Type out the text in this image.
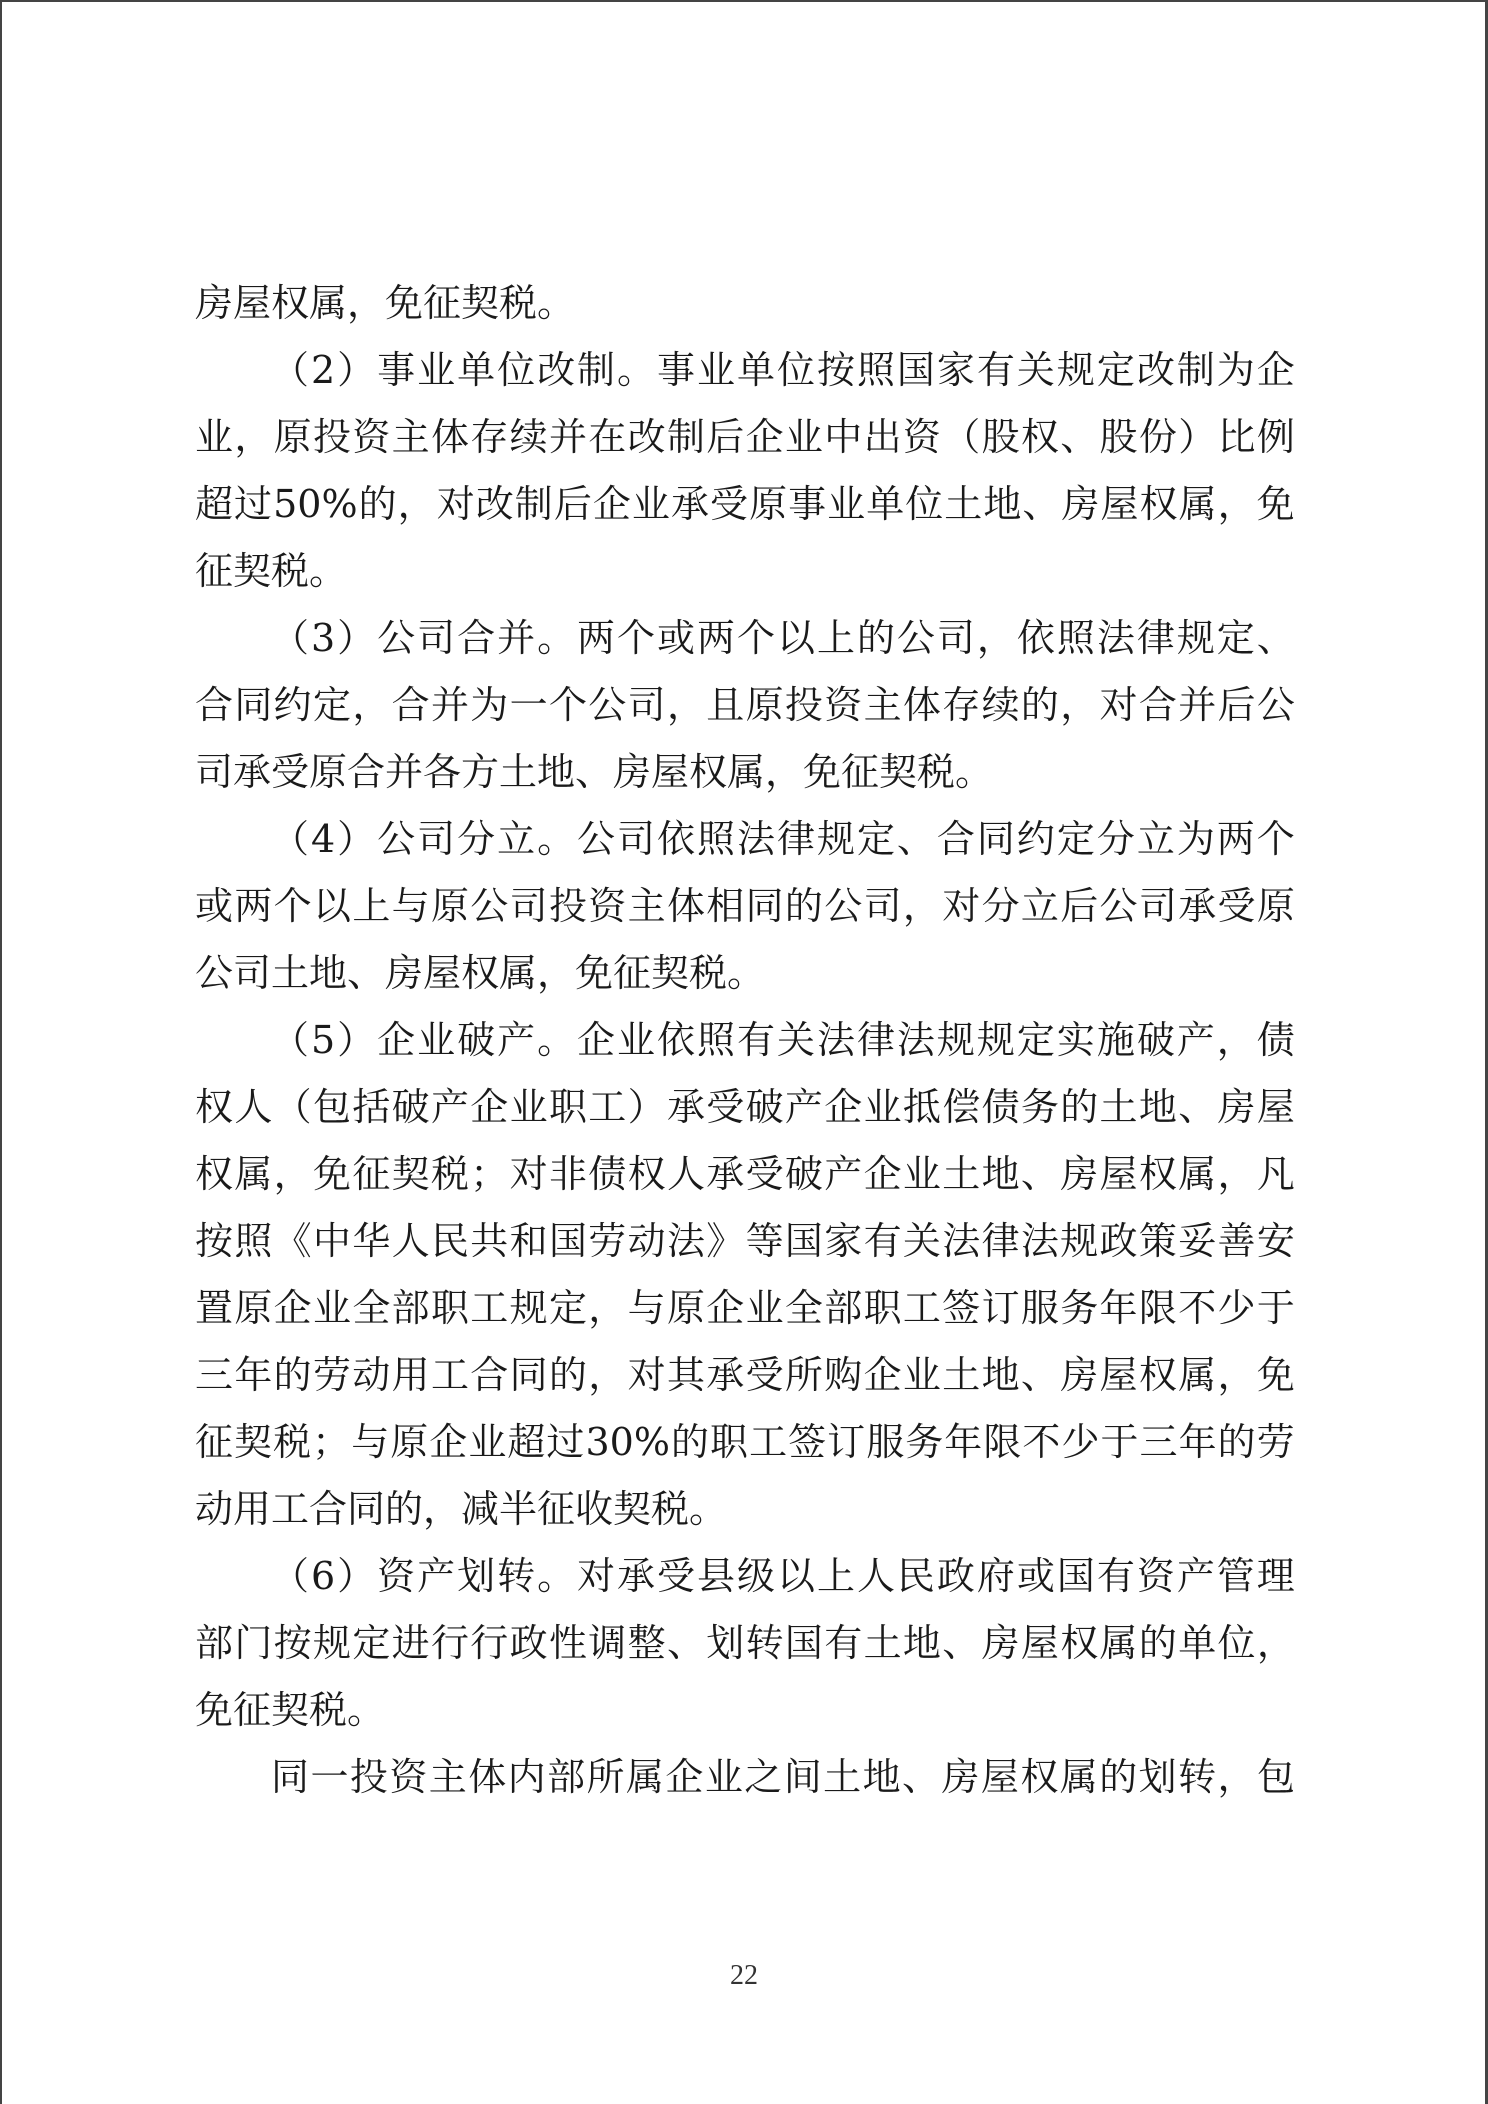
房屋权属，免征契税。
（ 2 ） 事 业 单 位 改 制 。 事 业 单 位 按 照 国 家 有 关 规 定 改 制 为 企
业 ， 原 投 资 主 体 存 续 并 在 改 制 后 企 业 中 出 资 （ 股 权 、 股 份 ） 比 例
超 过 50% 的 ， 对 改 制 后 企 业 承 受 原 事 业 单 位 土 地 、 房 屋 权 属 ， 免
征契税。
（ 3 ） 公 司 合 并 。 两 个 或 两 个 以 上 的 公 司 ， 依 照 法 律 规 定 、
合 同 约 定 ， 合 并 为 一 个 公 司 ， 且 原 投 资 主 体 存 续 的 ， 对 合 并 后 公
司承受原合并各方土地、房屋权属，免征契税。
（ 4 ） 公 司 分 立 。 公 司 依 照 法 律 规 定 、 合 同 约 定 分 立 为 两 个
或 两 个 以 上 与 原 公 司 投 资 主 体 相 同 的 公 司 ， 对 分 立 后 公 司 承 受 原
公司土地、房屋权属，免征契税。
（ 5 ） 企 业 破 产 。 企 业 依 照 有 关 法 律 法 规 规 定 实 施 破 产 ， 债
权 人 （ 包 括 破 产 企 业 职 工 ） 承 受 破 产 企 业 抵 偿 债 务 的 土 地 、 房 屋
权 属 ， 免 征 契 税 ； 对 非 债 权 人 承 受 破 产 企 业 土 地 、 房 屋 权 属 ， 凡
按 照 《 中 华 人 民 共 和 国 劳 动 法 》 等 国 家 有 关 法 律 法 规 政 策 妥 善 安
置 原 企 业 全 部 职 工 规 定 ， 与 原 企 业 全 部 职 工 签 订 服 务 年 限 不 少 于
三 年 的 劳 动 用 工 合 同 的 ， 对 其 承 受 所 购 企 业 土 地 、 房 屋 权 属 ， 免
征 契 税 ； 与 原 企 业 超 过 30% 的 职 工 签 订 服 务 年 限 不 少 于 三 年 的 劳
动用工合同的，减半征收契税。
（ 6 ） 资 产 划 转 。 对 承 受 县 级 以 上 人 民 政 府 或 国 有 资 产 管 理
部 门 按 规 定 进 行 行 政 性 调 整 、 划 转 国 有 土 地 、 房 屋 权 属 的 单 位 ，
免征契税。
同 一 投 资 主 体 内 部 所 属 企 业 之 间 土 地 、 房 屋 权 属 的 划 转 ， 包
22
